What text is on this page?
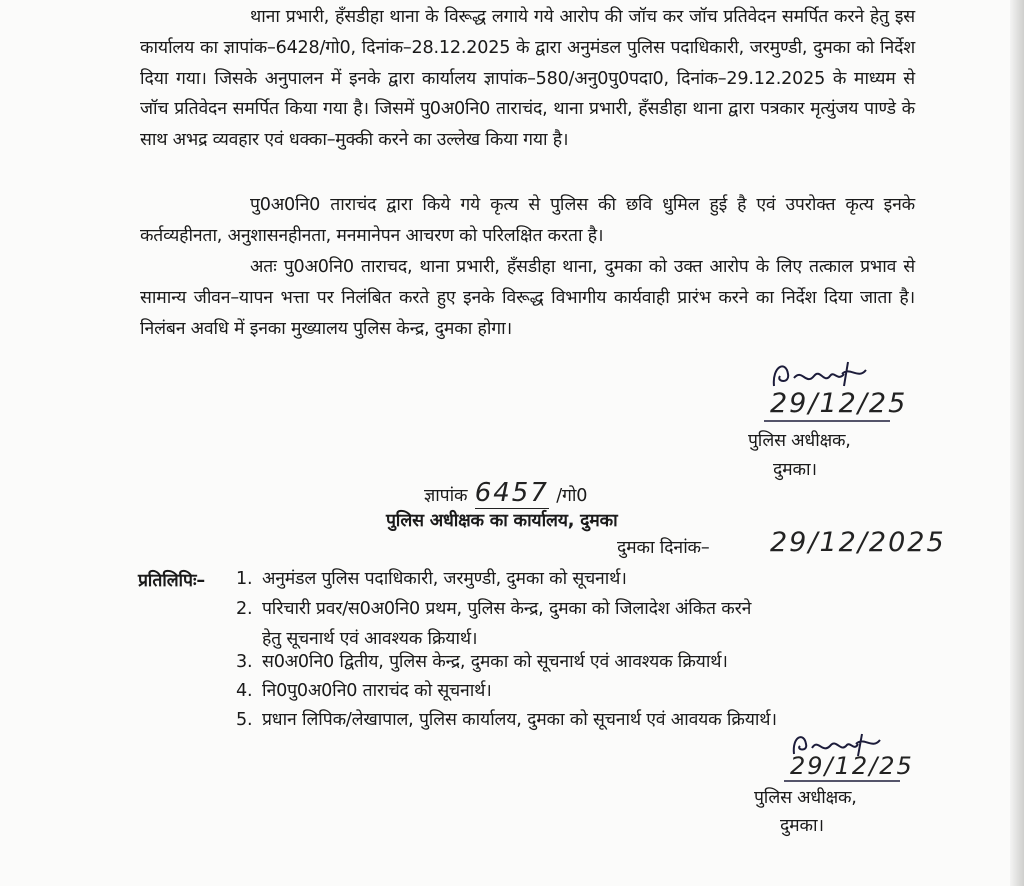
थाना प्रभारी, हँसडीहा थाना के विरूद्ध लगाये गये आरोप की जॉच कर जॉच प्रतिवेदन समर्पित करने हेतु इस कार्यालय का ज्ञापांक–6428/गो0, दिनांक–28.12.2025 के द्वारा अनुमंडल पुलिस पदाधिकारी, जरमुण्डी, दुमका को निर्देश दिया गया। जिसके अनुपालन में इनके द्वारा कार्यालय ज्ञापांक–580/अनु0पु0पदा0, दिनांक–29.12.2025 के माध्यम से जॉच प्रतिवेदन समर्पित किया गया है। जिसमें पु0अ0नि0 ताराचंद, थाना प्रभारी, हँसडीहा थाना द्वारा पत्रकार मृत्युंजय पाण्डे के साथ अभद्र व्यवहार एवं धक्का–मुक्की करने का उल्लेख किया गया है।

पु0अ0नि0 ताराचंद द्वारा किये गये कृत्य से पुलिस की छवि धुमिल हुई है एवं उपरोक्त कृत्य इनके कर्तव्यहीनता, अनुशासनहीनता, मनमानेपन आचरण को परिलक्षित करता है।

अतः पु0अ0नि0 ताराचद, थाना प्रभारी, हँसडीहा थाना, दुमका को उक्त आरोप के लिए तत्काल प्रभाव से सामान्य जीवन–यापन भत्ता पर निलंबित करते हुए इनके विरूद्ध विभागीय कार्यवाही प्रारंभ करने का निर्देश दिया जाता है। निलंबन अवधि में इनका मुख्यालय पुलिस केन्द्र, दुमका होगा।

29/12/25
पुलिस अधीक्षक,
दुमका।
ज्ञापांक 6457 /गो0
पुलिस अधीक्षक का कार्यालय, दुमका
दुमका दिनांक– 29/12/2025
प्रतिलिपिः– 1. अनुमंडल पुलिस पदाधिकारी, जरमुण्डी, दुमका को सूचनार्थ।
2. परिचारी प्रवर/स0अ0नि0 प्रथम, पुलिस केन्द्र, दुमका को जिलादेश अंकित करने
हेतु सूचनार्थ एवं आवश्यक क्रियार्थ।
3. स0अ0नि0 द्वितीय, पुलिस केन्द्र, दुमका को सूचनार्थ एवं आवश्यक क्रियार्थ।
4. नि0पु0अ0नि0 ताराचंद को सूचनार्थ।
5. प्रधान लिपिक/लेखापाल, पुलिस कार्यालय, दुमका को सूचनार्थ एवं आवयक क्रियार्थ।
29/12/25
पुलिस अधीक्षक,
दुमका।
